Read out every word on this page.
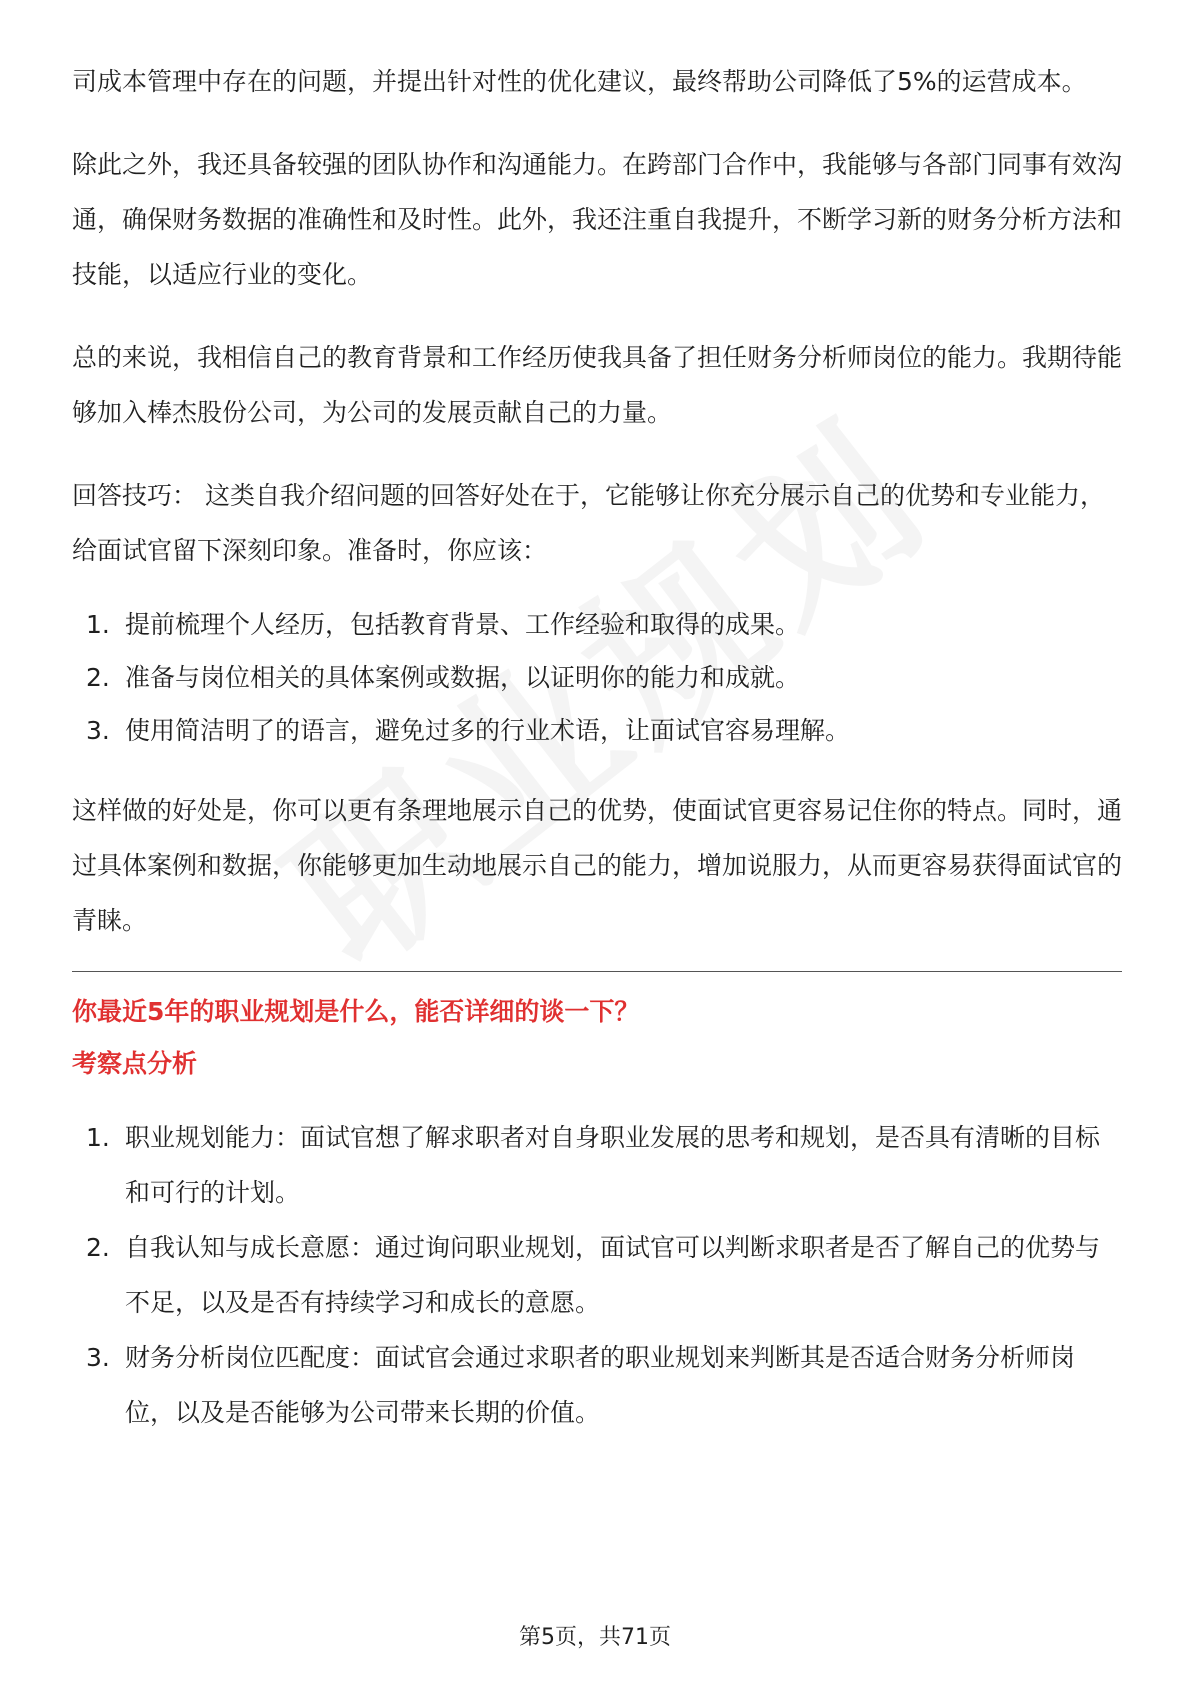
司成本管理中存在的问题，并提出针对性的优化建议，最终帮助公司降低了5%的运营成本。

除此之外，我还具备较强的团队协作和沟通能力。在跨部门合作中，我能够与各部门同事有效沟通，确保财务数据的准确性和及时性。此外，我还注重自我提升，不断学习新的财务分析方法和技能，以适应行业的变化。

总的来说，我相信自己的教育背景和工作经历使我具备了担任财务分析师岗位的能力。我期待能够加入棒杰股份公司，为公司的发展贡献自己的力量。

回答技巧： 这类自我介绍问题的回答好处在于，它能够让你充分展示自己的优势和专业能力，给面试官留下深刻印象。准备时，你应该：

1. 提前梳理个人经历，包括教育背景、工作经验和取得的成果。
2. 准备与岗位相关的具体案例或数据，以证明你的能力和成就。
3. 使用简洁明了的语言，避免过多的行业术语，让面试官容易理解。

这样做的好处是，你可以更有条理地展示自己的优势，使面试官更容易记住你的特点。同时，通过具体案例和数据，你能够更加生动地展示自己的能力，增加说服力，从而更容易获得面试官的青睐。

你最近5年的职业规划是什么，能否详细的谈一下？

考察点分析

1. 职业规划能力：面试官想了解求职者对自身职业发展的思考和规划，是否具有清晰的目标和可行的计划。
2. 自我认知与成长意愿：通过询问职业规划，面试官可以判断求职者是否了解自己的优势与不足，以及是否有持续学习和成长的意愿。
3. 财务分析岗位匹配度：面试官会通过求职者的职业规划来判断其是否适合财务分析师岗位，以及是否能够为公司带来长期的价值。
第5页，共71页
